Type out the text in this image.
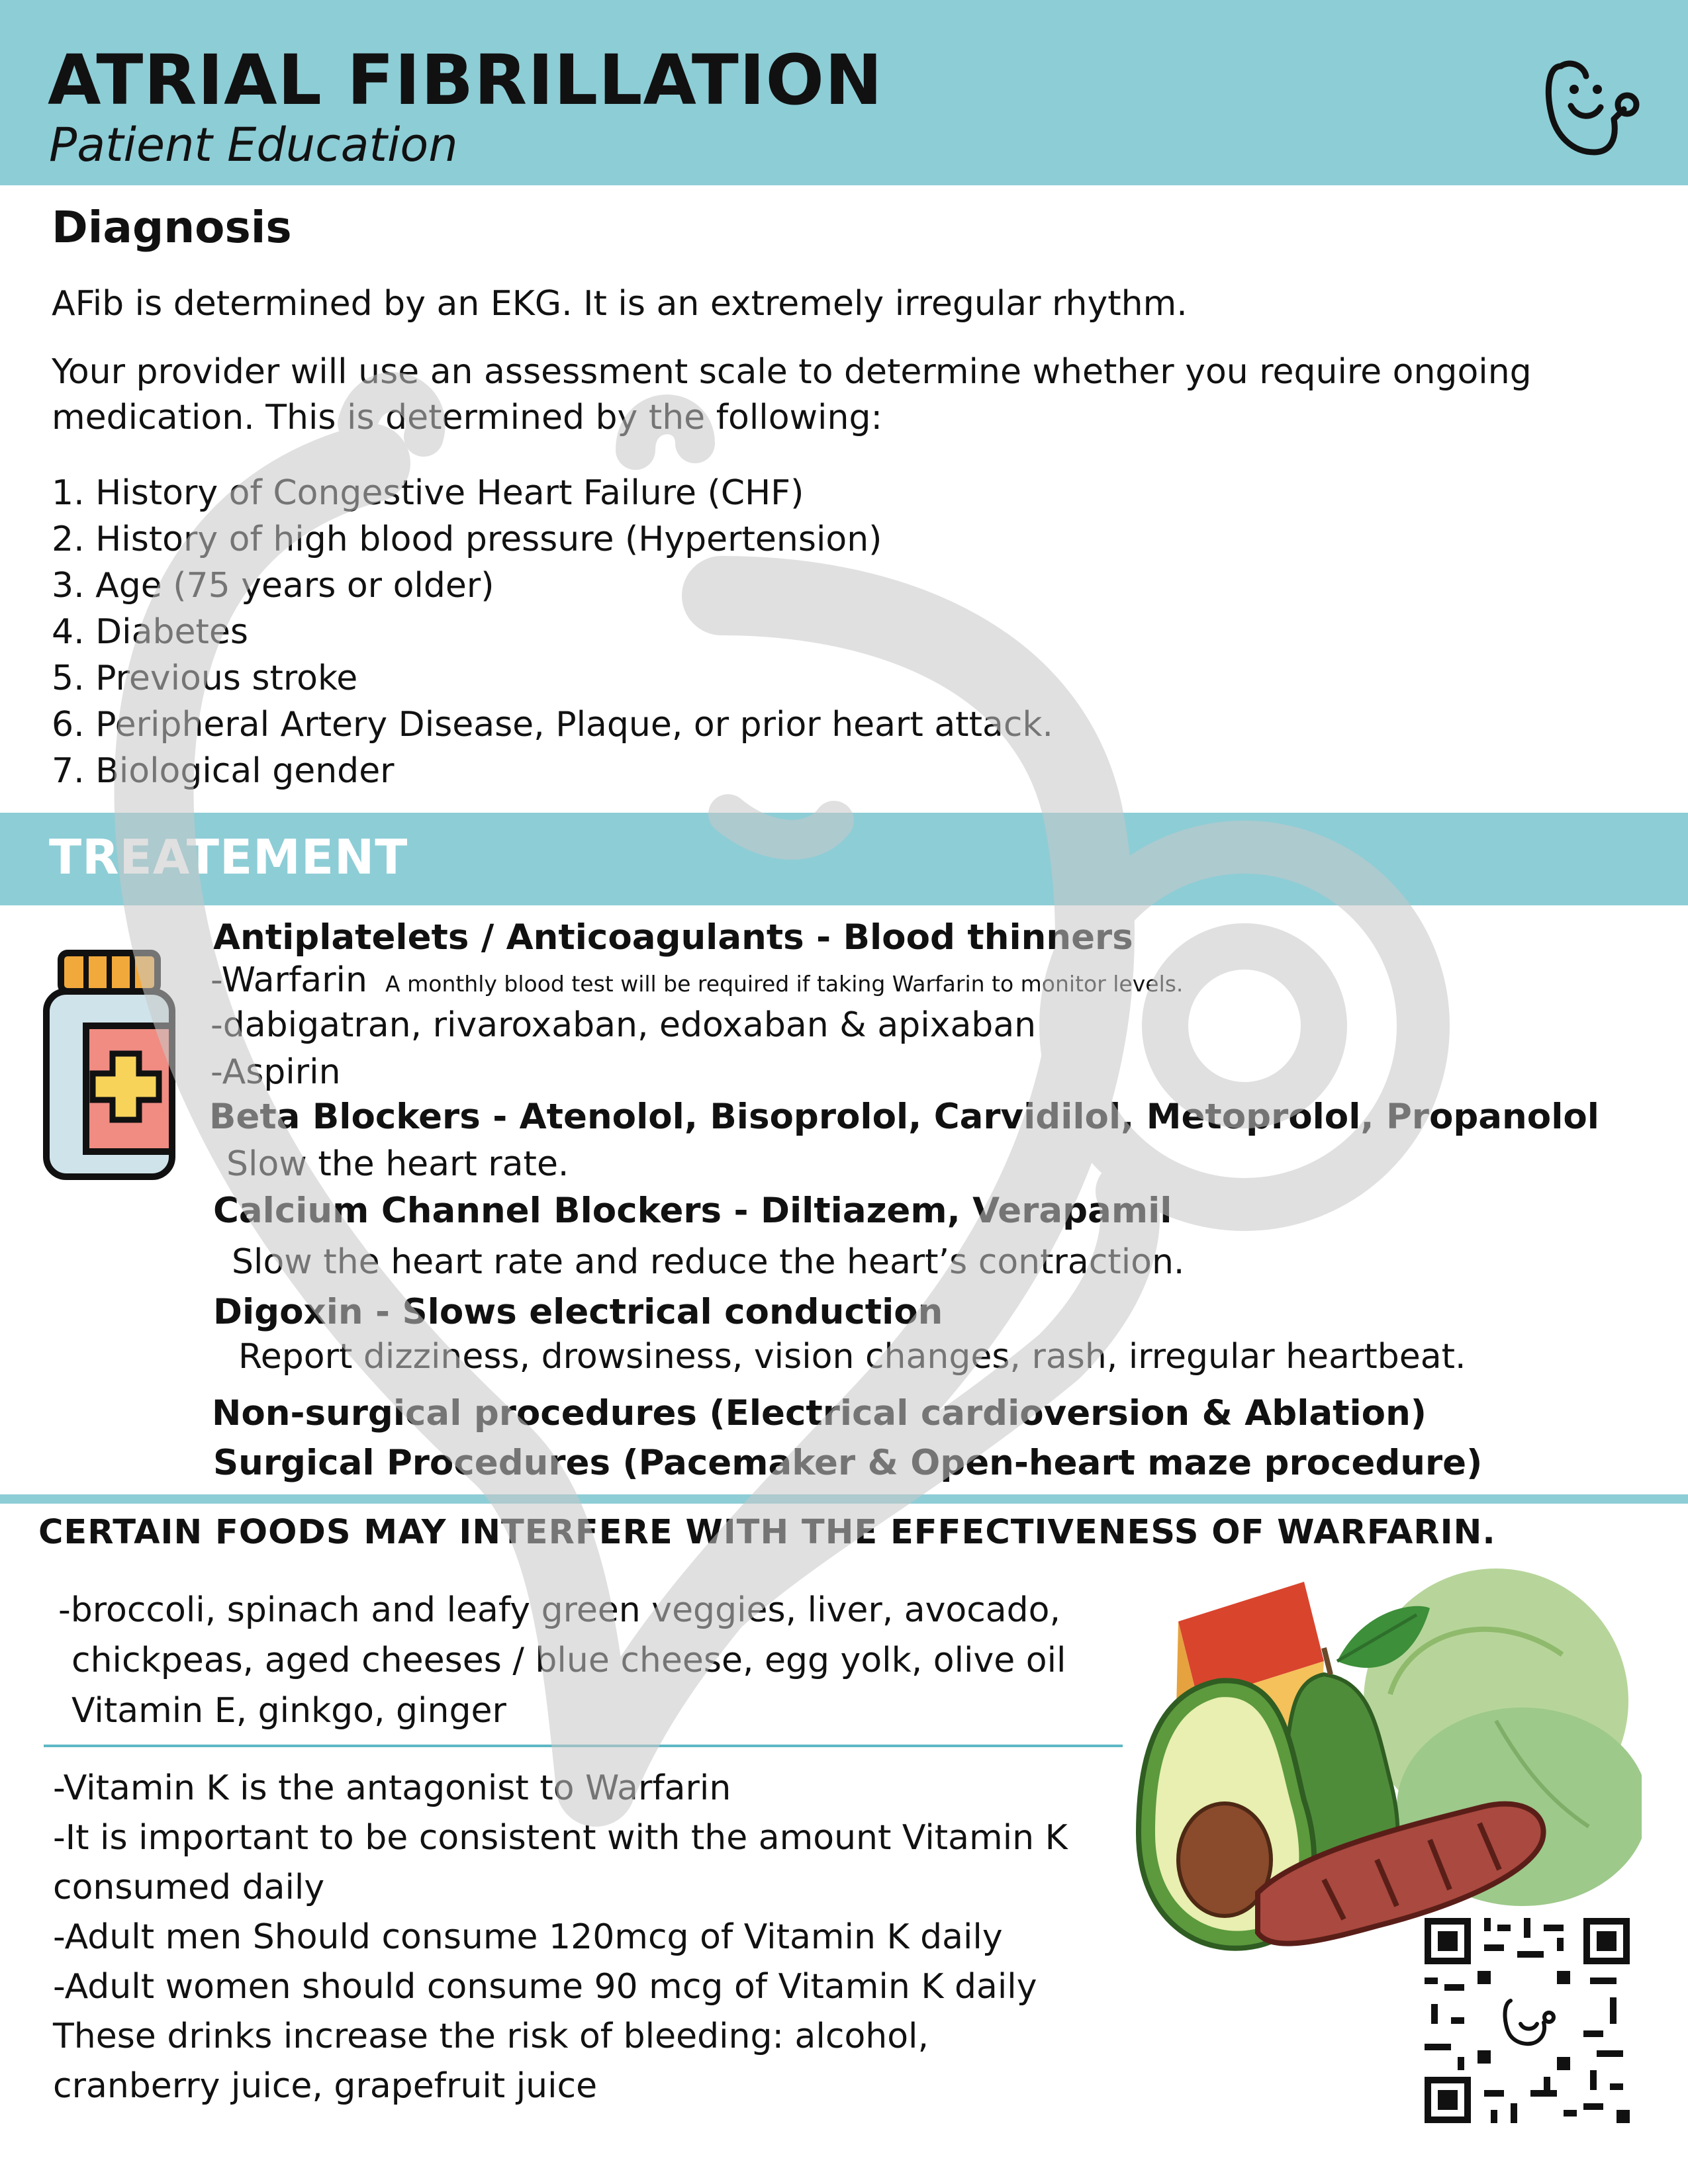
ATRIAL FIBRILLATION
Patient Education
Diagnosis
AFib is determined by an EKG. It is an extremely irregular rhythm.
Your provider will use an assessment scale to determine whether you require ongoing
medication. This is determined by the following:
1. History of Congestive Heart Failure (CHF)
2. History of high blood pressure (Hypertension)
3. Age (75 years or older)
4. Diabetes
5. Previous stroke
6. Peripheral Artery Disease, Plaque, or prior heart attack.
7. Biological gender
TREATEMENT
Antiplatelets / Anticoagulants - Blood thinners
-Warfarin A monthly blood test will be required if taking Warfarin to monitor levels.
-dabigatran, rivaroxaban, edoxaban & apixaban
-Aspirin
Beta Blockers - Atenolol, Bisoprolol, Carvidilol, Metoprolol, Propanolol
Slow the heart rate.
Calcium Channel Blockers - Diltiazem, Verapamil
Slow the heart rate and reduce the heart’s contraction.
Digoxin - Slows electrical conduction
Report dizziness, drowsiness, vision changes, rash, irregular heartbeat.
Non-surgical procedures (Electrical cardioversion & Ablation)
Surgical Procedures (Pacemaker & Open-heart maze procedure)
CERTAIN FOODS MAY INTERFERE WITH THE EFFECTIVENESS OF WARFARIN.
-broccoli, spinach and leafy green veggies, liver, avocado,
chickpeas, aged cheeses / blue cheese, egg yolk, olive oil
Vitamin E, ginkgo, ginger
-Vitamin K is the antagonist to Warfarin
-It is important to be consistent with the amount Vitamin K
consumed daily
-Adult men Should consume 120mcg of Vitamin K daily
-Adult women should consume 90 mcg of Vitamin K daily
These drinks increase the risk of bleeding: alcohol,
cranberry juice, grapefruit juice
